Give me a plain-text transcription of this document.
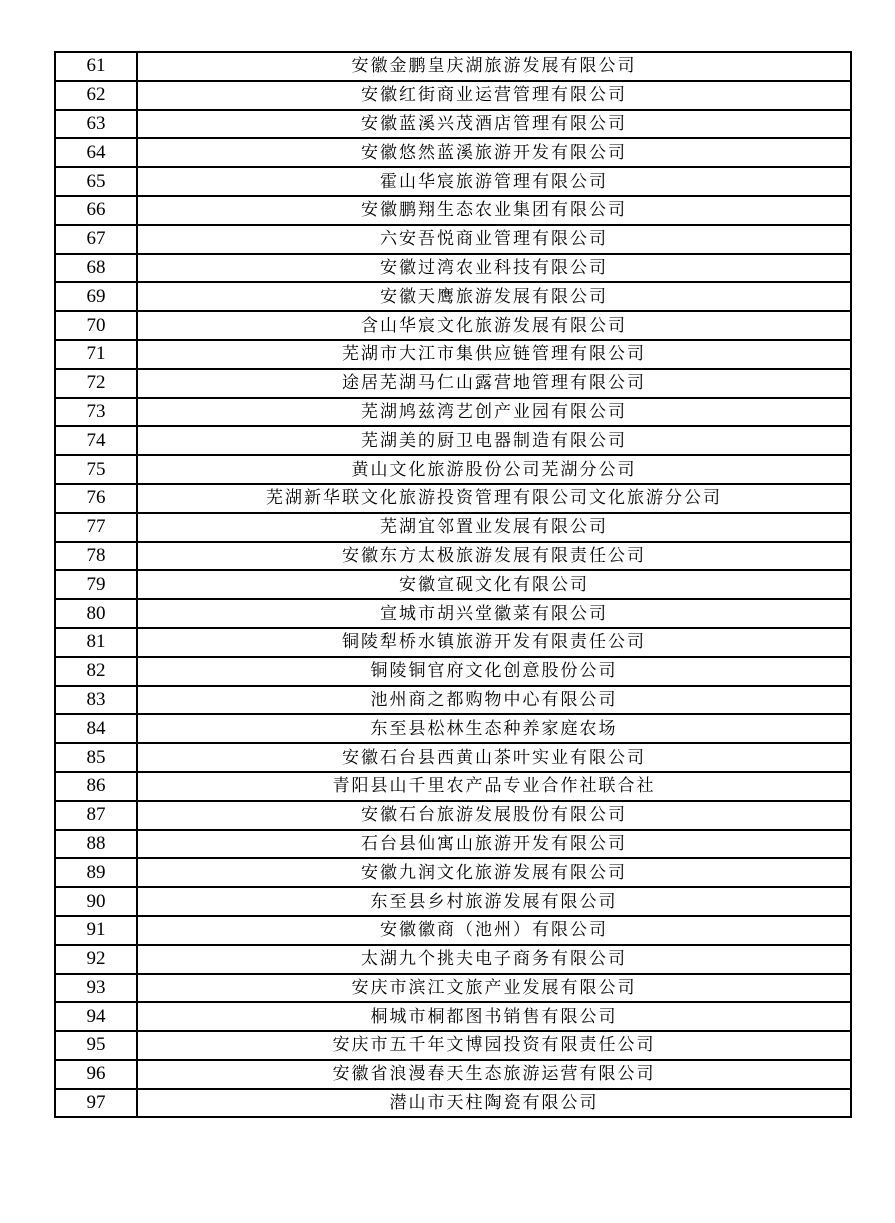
61	安徽金鹏皇庆湖旅游发展有限公司
62	安徽红街商业运营管理有限公司
63	安徽蓝溪兴茂酒店管理有限公司
64	安徽悠然蓝溪旅游开发有限公司
65	霍山华宸旅游管理有限公司
66	安徽鹏翔生态农业集团有限公司
67	六安吾悦商业管理有限公司
68	安徽过湾农业科技有限公司
69	安徽天鹰旅游发展有限公司
70	含山华宸文化旅游发展有限公司
71	芜湖市大江市集供应链管理有限公司
72	途居芜湖马仁山露营地管理有限公司
73	芜湖鸠兹湾艺创产业园有限公司
74	芜湖美的厨卫电器制造有限公司
75	黄山文化旅游股份公司芜湖分公司
76	芜湖新华联文化旅游投资管理有限公司文化旅游分公司
77	芜湖宜邻置业发展有限公司
78	安徽东方太极旅游发展有限责任公司
79	安徽宣砚文化有限公司
80	宣城市胡兴堂徽菜有限公司
81	铜陵犁桥水镇旅游开发有限责任公司
82	铜陵铜官府文化创意股份公司
83	池州商之都购物中心有限公司
84	东至县松林生态种养家庭农场
85	安徽石台县西黄山茶叶实业有限公司
86	青阳县山千里农产品专业合作社联合社
87	安徽石台旅游发展股份有限公司
88	石台县仙寓山旅游开发有限公司
89	安徽九润文化旅游发展有限公司
90	东至县乡村旅游发展有限公司
91	安徽徽商（池州）有限公司
92	太湖九个挑夫电子商务有限公司
93	安庆市滨江文旅产业发展有限公司
94	桐城市桐都图书销售有限公司
95	安庆市五千年文博园投资有限责任公司
96	安徽省浪漫春天生态旅游运营有限公司
97	潜山市天柱陶瓷有限公司
